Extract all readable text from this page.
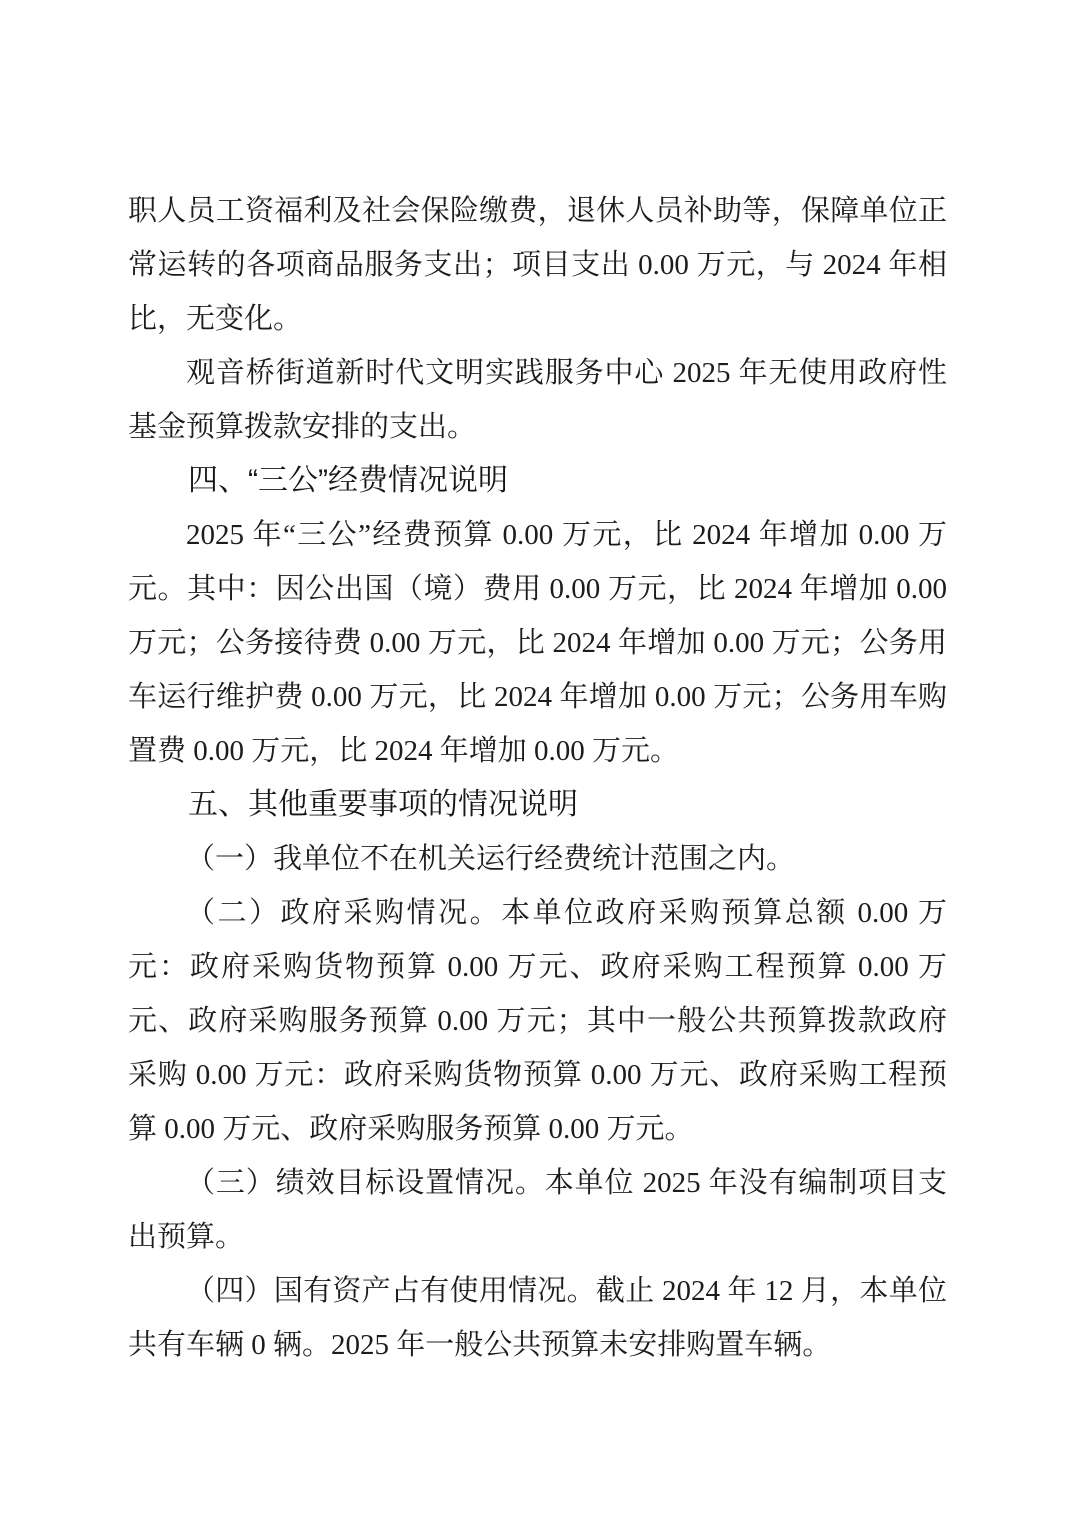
职人员工资福利及社会保险缴费，退休人员补助等，保障单位正常运转的各项商品服务支出；项目支出 0.00 万元，与 2024 年相比，无变化。

观音桥街道新时代文明实践服务中心 2025 年无使用政府性基金预算拨款安排的支出。

四、“三公”经费情况说明

2025 年“三公”经费预算 0.00 万元，比 2024 年增加 0.00 万元。其中：因公出国（境）费用 0.00 万元，比 2024 年增加 0.00 万元；公务接待费 0.00 万元，比 2024 年增加 0.00 万元；公务用车运行维护费 0.00 万元，比 2024 年增加 0.00 万元；公务用车购置费 0.00 万元，比 2024 年增加 0.00 万元。

五、其他重要事项的情况说明

（一）我单位不在机关运行经费统计范围之内。

（二）政府采购情况。本单位政府采购预算总额 0.00 万元：政府采购货物预算 0.00 万元、政府采购工程预算 0.00 万元、政府采购服务预算 0.00 万元；其中一般公共预算拨款政府采购 0.00 万元：政府采购货物预算 0.00 万元、政府采购工程预算 0.00 万元、政府采购服务预算 0.00 万元。

（三）绩效目标设置情况。本单位 2025 年没有编制项目支出预算。

（四）国有资产占有使用情况。截止 2024 年 12 月，本单位共有车辆 0 辆。2025 年一般公共预算未安排购置车辆。
